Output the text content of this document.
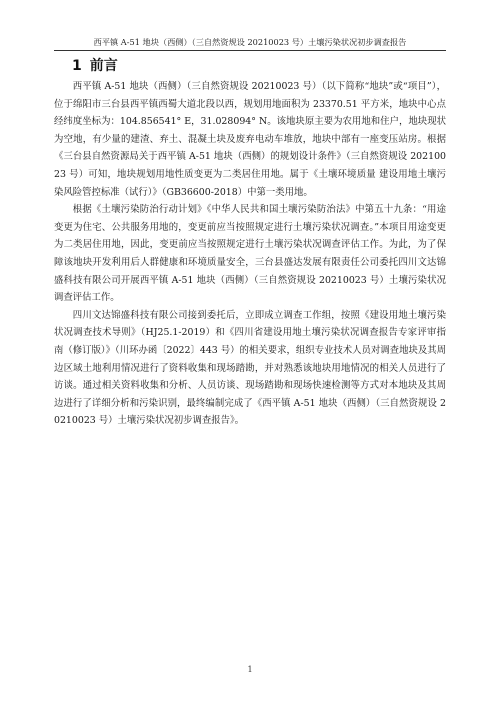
西平镇 A-51 地块（西侧）（三自然资规设 20210023 号）土壤污染状况初步调查报告
1 前言

西平镇 A-51 地块（西侧）（三自然资规设 20210023 号）（以下简称“地块”或“项目”），位于绵阳市三台县西平镇西蜀大道北段以西，规划用地面积为 23370.51 平方米，地块中心点经纬度坐标为：104.856541° E，31.028094° N。该地块原主要为农用地和住户，地块现状为空地，有少量的建渣、弃土、混凝土块及废弃电动车堆放，地块中部有一座变压站房。根据《三台县自然资源局关于西平镇 A-51 地块（西侧）的规划设计条件》（三自然资规设 20210023 号）可知，地块规划用地性质变更为二类居住用地。属于《土壤环境质量 建设用地土壤污染风险管控标准（试行）》（GB36600-2018）中第一类用地。

根据《土壤污染防治行动计划》《中华人民共和国土壤污染防治法》中第五十九条：“用途变更为住宅、公共服务用地的，变更前应当按照规定进行土壤污染状况调查。”本项目用途变更为二类居住用地，因此，变更前应当按照规定进行土壤污染状况调查评估工作。为此，为了保障该地块开发利用后人群健康和环境质量安全，三台县盛达发展有限责任公司委托四川文达锦盛科技有限公司开展西平镇 A-51 地块（西侧）（三自然资规设 20210023 号）土壤污染状况调查评估工作。

四川文达锦盛科技有限公司接到委托后，立即成立调查工作组，按照《建设用地土壤污染状况调查技术导则》（HJ25.1-2019）和《四川省建设用地土壤污染状况调查报告专家评审指南（修订版）》（川环办函〔2022〕443 号）的相关要求，组织专业技术人员对调查地块及其周边区域土地利用情况进行了资料收集和现场踏勘，并对熟悉该地块用地情况的相关人员进行了访谈。通过相关资料收集和分析、人员访谈、现场踏勘和现场快速检测等方式对本地块及其周边进行了详细分析和污染识别，最终编制完成了《西平镇 A-51 地块（西侧）（三自然资规设 20210023 号）土壤污染状况初步调查报告》。

1
